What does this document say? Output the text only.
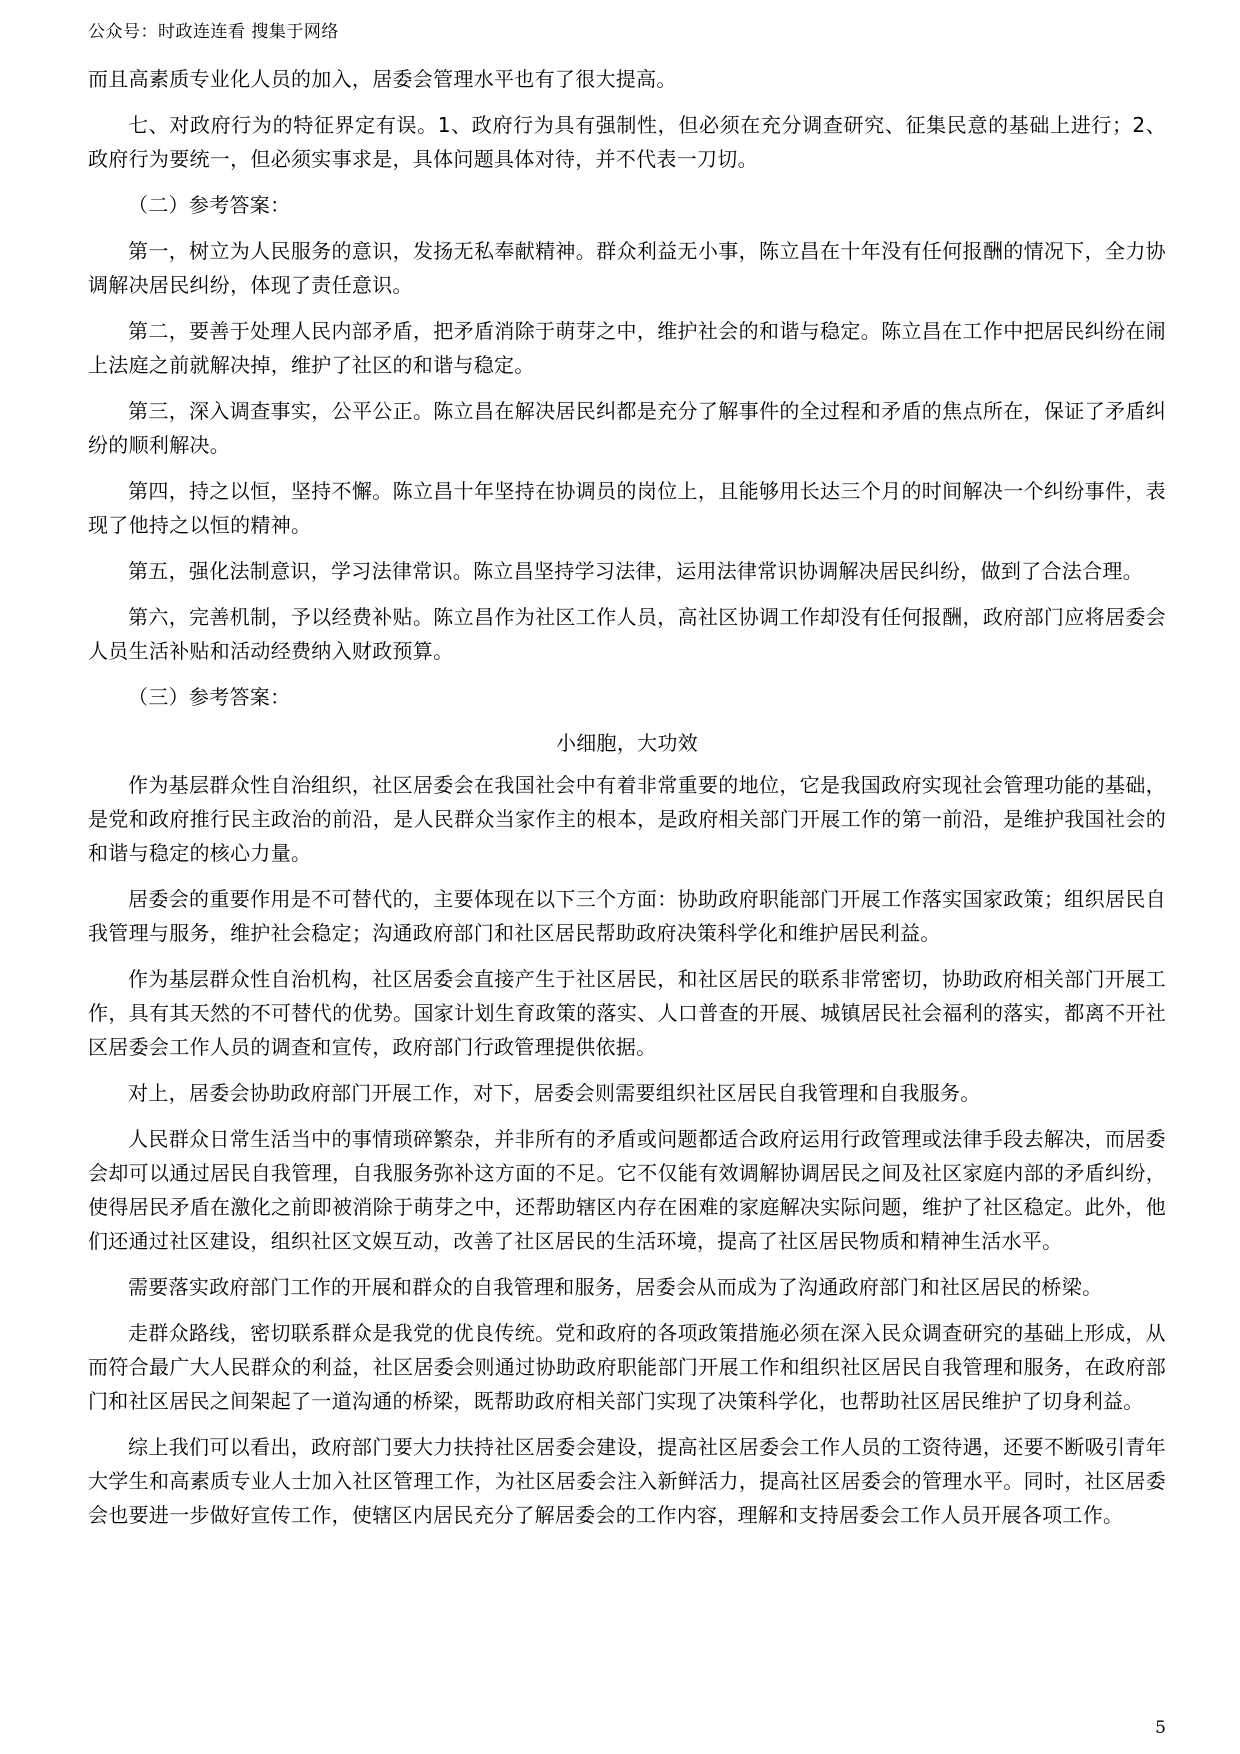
公众号：时政连连看 搜集于网络

而且高素质专业化人员的加入，居委会管理水平也有了很大提高。

七、对政府行为的特征界定有误。1、政府行为具有强制性，但必须在充分调查研究、征集民意的基础上进行；2、政府行为要统一，但必须实事求是，具体问题具体对待，并不代表一刀切。

（二）参考答案：

第一，树立为人民服务的意识，发扬无私奉献精神。群众利益无小事，陈立昌在十年没有任何报酬的情况下，全力协调解决居民纠纷，体现了责任意识。

第二，要善于处理人民内部矛盾，把矛盾消除于萌芽之中，维护社会的和谐与稳定。陈立昌在工作中把居民纠纷在闹上法庭之前就解决掉，维护了社区的和谐与稳定。

第三，深入调查事实，公平公正。陈立昌在解决居民纠都是充分了解事件的全过程和矛盾的焦点所在，保证了矛盾纠纷的顺利解决。

第四，持之以恒，坚持不懈。陈立昌十年坚持在协调员的岗位上，且能够用长达三个月的时间解决一个纠纷事件，表现了他持之以恒的精神。

第五，强化法制意识，学习法律常识。陈立昌坚持学习法律，运用法律常识协调解决居民纠纷，做到了合法合理。

第六，完善机制，予以经费补贴。陈立昌作为社区工作人员，高社区协调工作却没有任何报酬，政府部门应将居委会人员生活补贴和活动经费纳入财政预算。

（三）参考答案：

小细胞，大功效

作为基层群众性自治组织，社区居委会在我国社会中有着非常重要的地位，它是我国政府实现社会管理功能的基础，是党和政府推行民主政治的前沿，是人民群众当家作主的根本，是政府相关部门开展工作的第一前沿，是维护我国社会的和谐与稳定的核心力量。

居委会的重要作用是不可替代的，主要体现在以下三个方面：协助政府职能部门开展工作落实国家政策；组织居民自我管理与服务，维护社会稳定；沟通政府部门和社区居民帮助政府决策科学化和维护居民利益。

作为基层群众性自治机构，社区居委会直接产生于社区居民，和社区居民的联系非常密切，协助政府相关部门开展工作，具有其天然的不可替代的优势。国家计划生育政策的落实、人口普查的开展、城镇居民社会福利的落实，都离不开社区居委会工作人员的调查和宣传，政府部门行政管理提供依据。

对上，居委会协助政府部门开展工作，对下，居委会则需要组织社区居民自我管理和自我服务。

人民群众日常生活当中的事情琐碎繁杂，并非所有的矛盾或问题都适合政府运用行政管理或法律手段去解决，而居委会却可以通过居民自我管理，自我服务弥补这方面的不足。它不仅能有效调解协调居民之间及社区家庭内部的矛盾纠纷，使得居民矛盾在激化之前即被消除于萌芽之中，还帮助辖区内存在困难的家庭解决实际问题，维护了社区稳定。此外，他们还通过社区建设，组织社区文娱互动，改善了社区居民的生活环境，提高了社区居民物质和精神生活水平。

需要落实政府部门工作的开展和群众的自我管理和服务，居委会从而成为了沟通政府部门和社区居民的桥梁。

走群众路线，密切联系群众是我党的优良传统。党和政府的各项政策措施必须在深入民众调查研究的基础上形成，从而符合最广大人民群众的利益，社区居委会则通过协助政府职能部门开展工作和组织社区居民自我管理和服务，在政府部门和社区居民之间架起了一道沟通的桥梁，既帮助政府相关部门实现了决策科学化，也帮助社区居民维护了切身利益。

综上我们可以看出，政府部门要大力扶持社区居委会建设，提高社区居委会工作人员的工资待遇，还要不断吸引青年大学生和高素质专业人士加入社区管理工作，为社区居委会注入新鲜活力，提高社区居委会的管理水平。同时，社区居委会也要进一步做好宣传工作，使辖区内居民充分了解居委会的工作内容，理解和支持居委会工作人员开展各项工作。

5
